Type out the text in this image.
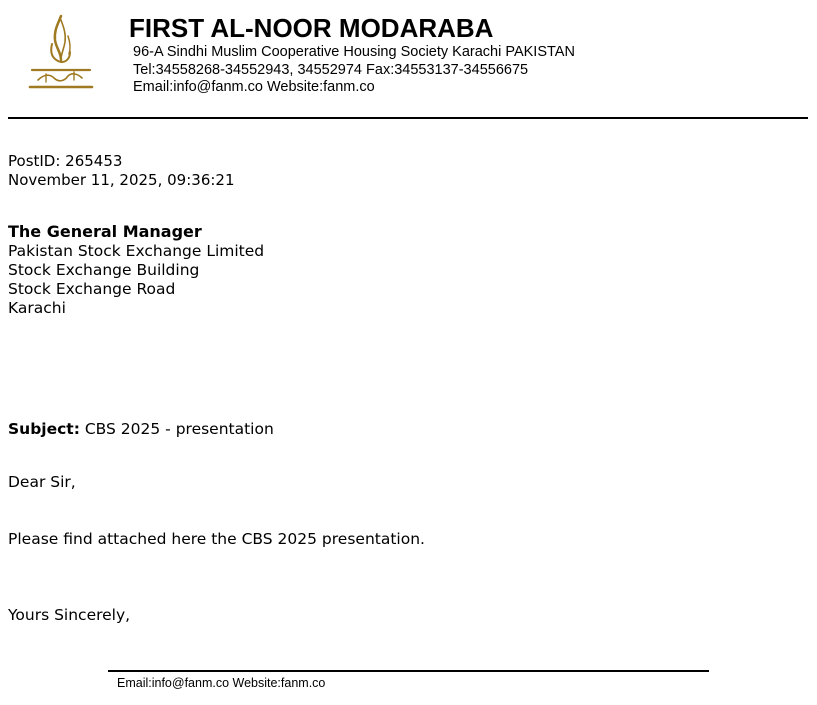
FIRST AL-NOOR MODARABA
96-A Sindhi Muslim Cooperative Housing Society Karachi PAKISTAN
Tel:34558268-34552943, 34552974 Fax:34553137-34556675
Email:info@fanm.co Website:fanm.co
PostID: 265453
November 11, 2025, 09:36:21
The General Manager
Pakistan Stock Exchange Limited
Stock Exchange Building
Stock Exchange Road
Karachi
Subject: CBS 2025 - presentation
Dear Sir,
Please find attached here the CBS 2025 presentation.
Yours Sincerely,
Email:info@fanm.co Website:fanm.co
